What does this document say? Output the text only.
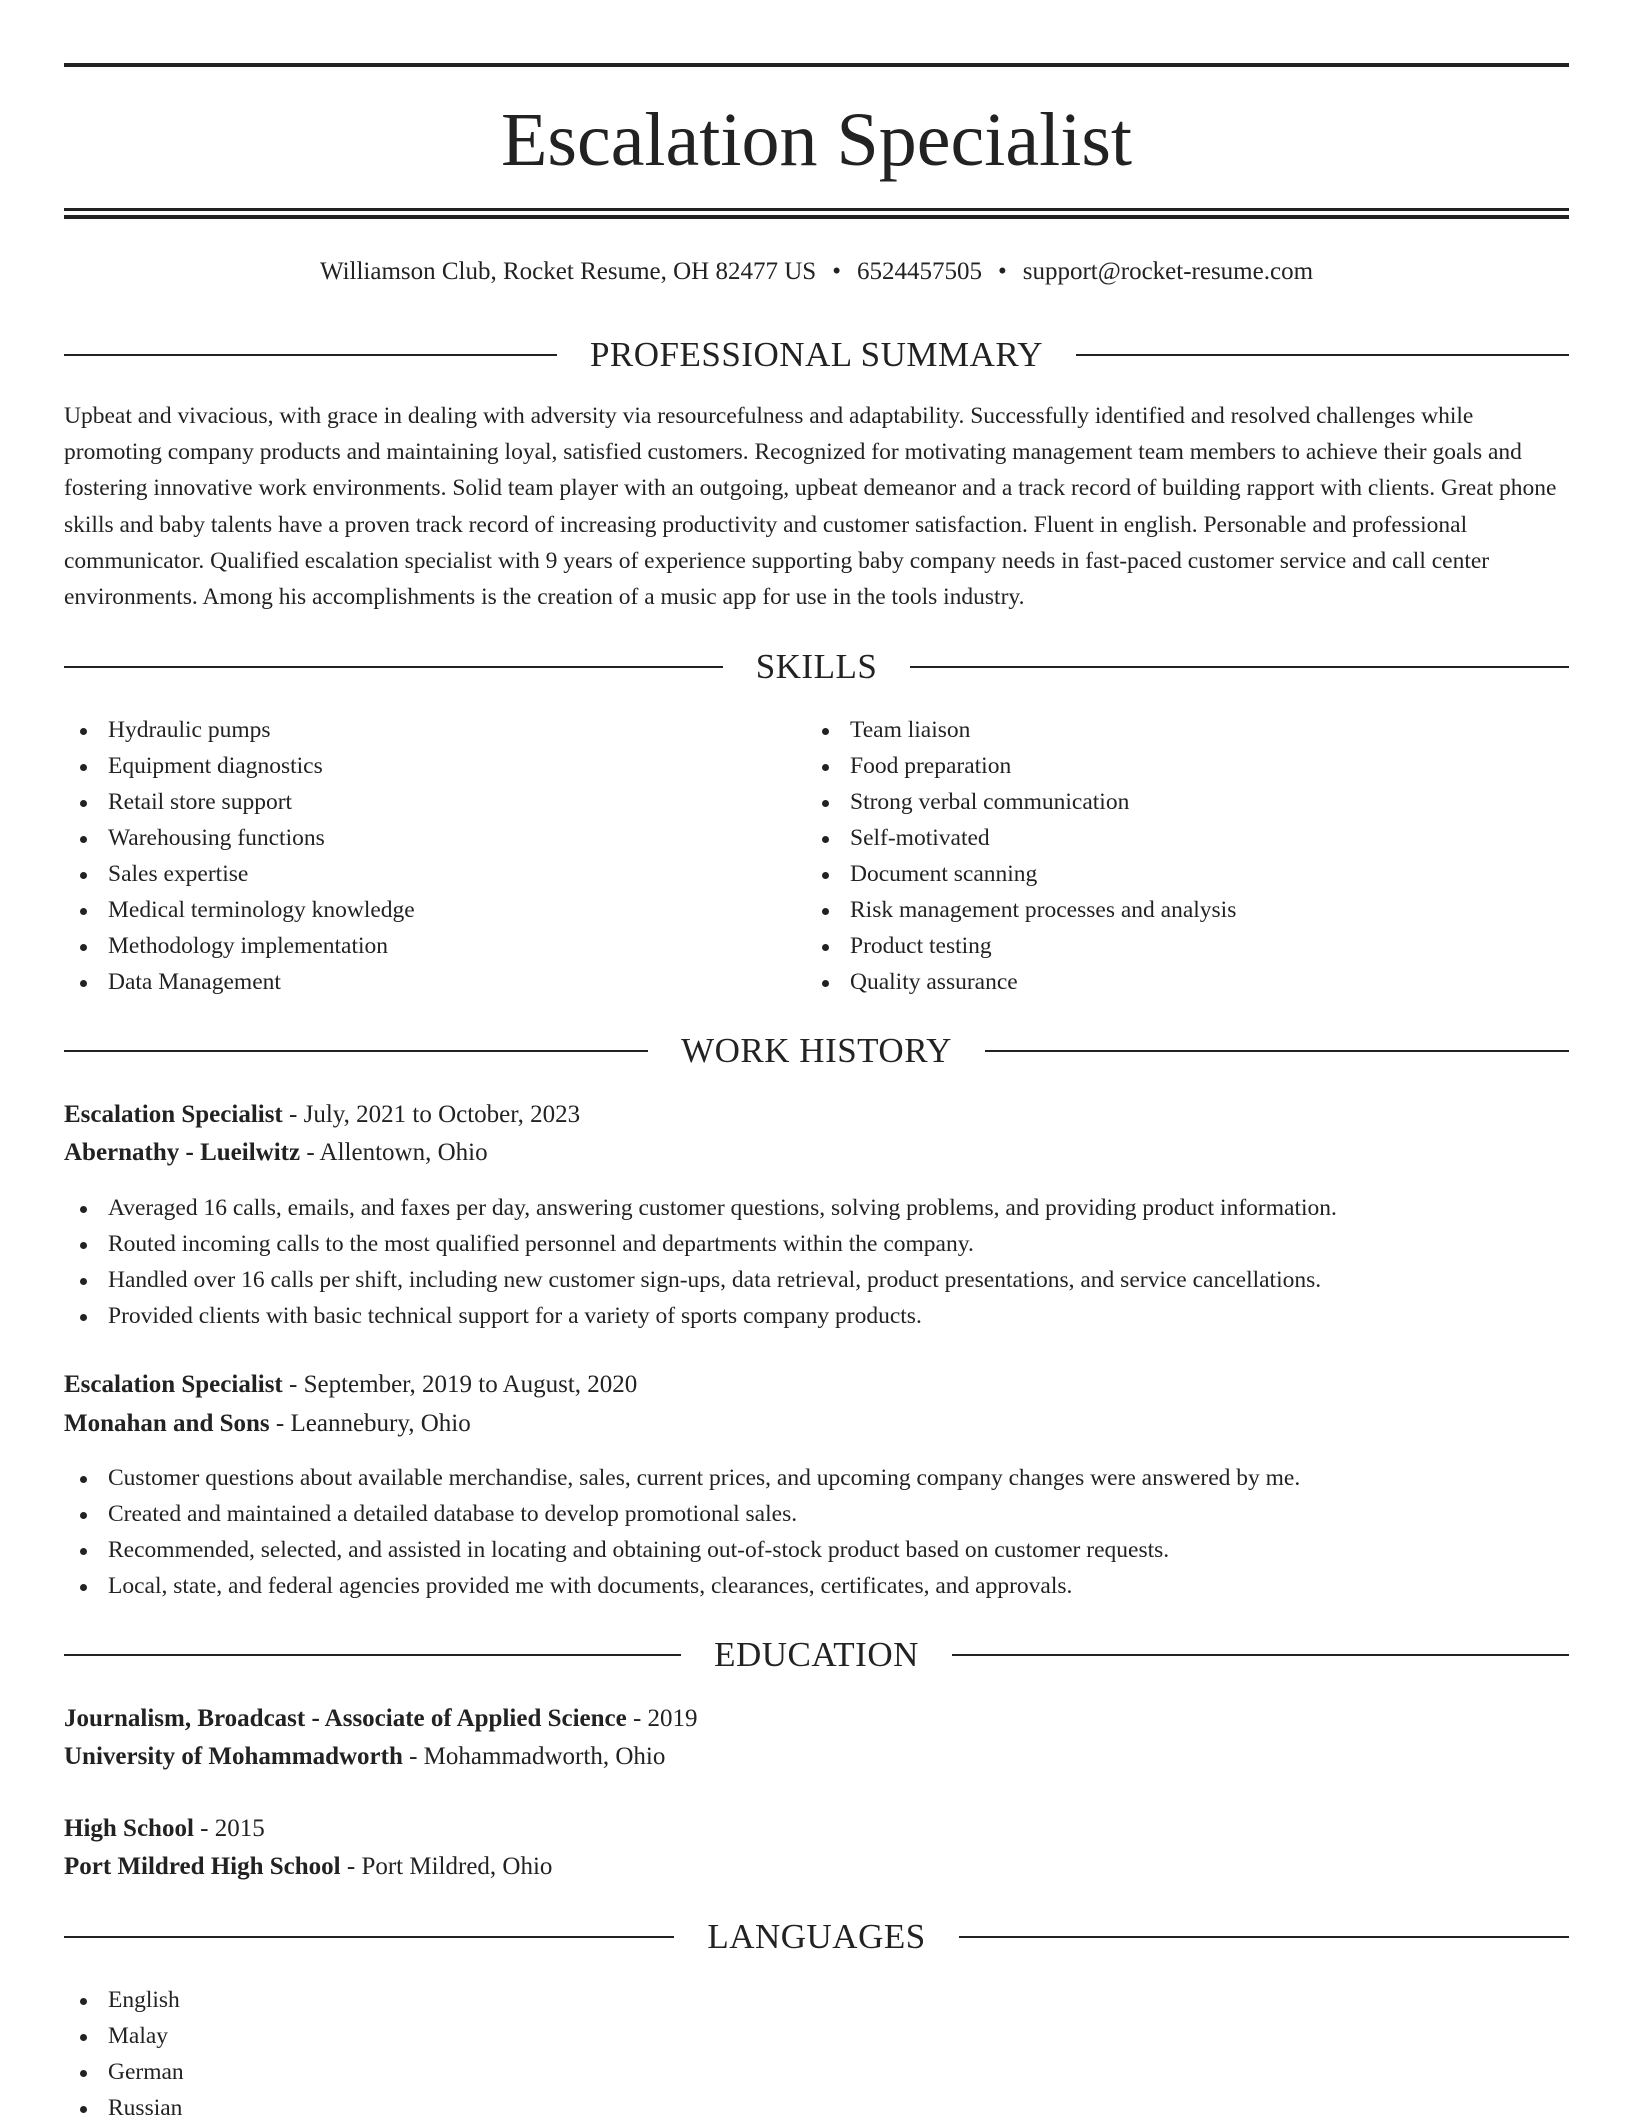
Escalation Specialist
Williamson Club, Rocket Resume, OH 82477 US • 6524457505 • support@rocket-resume.com
PROFESSIONAL SUMMARY

Upbeat and vivacious, with grace in dealing with adversity via resourcefulness and adaptability. Successfully identified and resolved challenges while promoting company products and maintaining loyal, satisfied customers. Recognized for motivating management team members to achieve their goals and fostering innovative work environments. Solid team player with an outgoing, upbeat demeanor and a track record of building rapport with clients. Great phone skills and baby talents have a proven track record of increasing productivity and customer satisfaction. Fluent in english. Personable and professional communicator. Qualified escalation specialist with 9 years of experience supporting baby company needs in fast-paced customer service and call center environments. Among his accomplishments is the creation of a music app for use in the tools industry.

SKILLS
Hydraulic pumps
Equipment diagnostics
Retail store support
Warehousing functions
Sales expertise
Medical terminology knowledge
Methodology implementation
Data Management
Team liaison
Food preparation
Strong verbal communication
Self-motivated
Document scanning
Risk management processes and analysis
Product testing
Quality assurance
WORK HISTORY
Escalation Specialist - July, 2021 to October, 2023
Abernathy - Lueilwitz - Allentown, Ohio
Averaged 16 calls, emails, and faxes per day, answering customer questions, solving problems, and providing product information.
Routed incoming calls to the most qualified personnel and departments within the company.
Handled over 16 calls per shift, including new customer sign-ups, data retrieval, product presentations, and service cancellations.
Provided clients with basic technical support for a variety of sports company products.
Escalation Specialist - September, 2019 to August, 2020
Monahan and Sons - Leannebury, Ohio
Customer questions about available merchandise, sales, current prices, and upcoming company changes were answered by me.
Created and maintained a detailed database to develop promotional sales.
Recommended, selected, and assisted in locating and obtaining out-of-stock product based on customer requests.
Local, state, and federal agencies provided me with documents, clearances, certificates, and approvals.
EDUCATION
Journalism, Broadcast - Associate of Applied Science - 2019
University of Mohammadworth - Mohammadworth, Ohio
High School - 2015
Port Mildred High School - Port Mildred, Ohio
LANGUAGES
English
Malay
German
Russian
